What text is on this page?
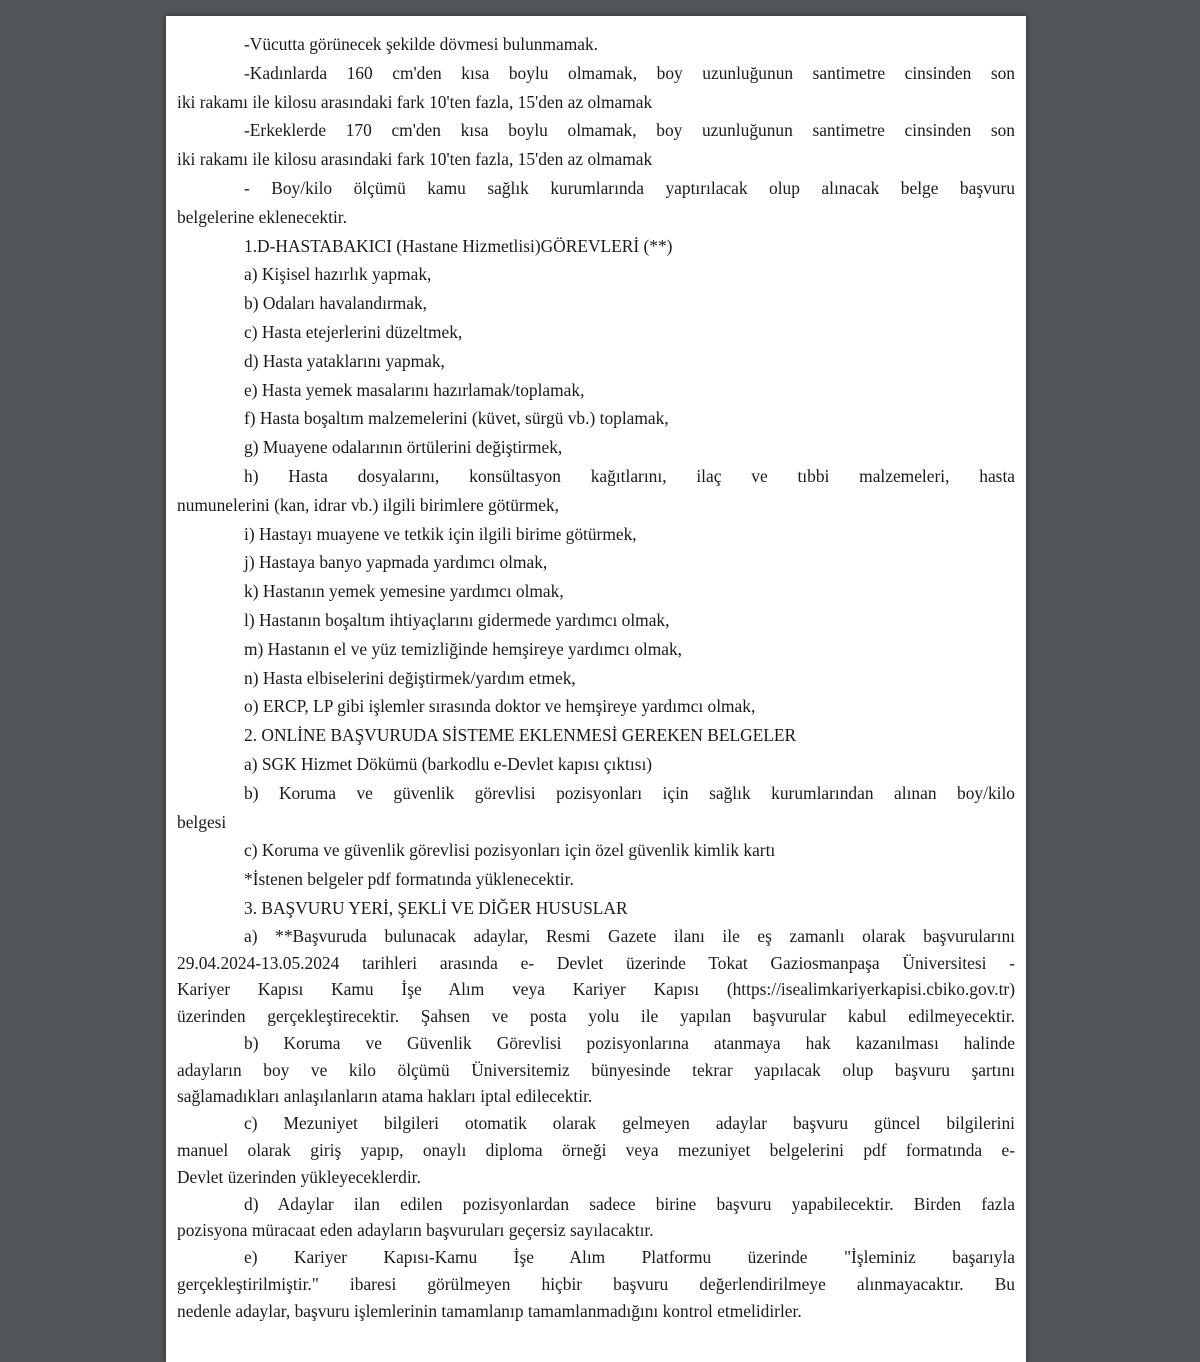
-Vücutta görünecek şekilde dövmesi bulunmamak.
-Kadınlarda 160 cm'den kısa boylu olmamak, boy uzunluğunun santimetre cinsinden son
iki rakamı ile kilosu arasındaki fark 10'ten fazla, 15'den az olmamak
-Erkeklerde 170 cm'den kısa boylu olmamak, boy uzunluğunun santimetre cinsinden son
iki rakamı ile kilosu arasındaki fark 10'ten fazla, 15'den az olmamak
- Boy/kilo ölçümü kamu sağlık kurumlarında yaptırılacak olup alınacak belge başvuru
belgelerine eklenecektir.
1.D-HASTABAKICI (Hastane Hizmetlisi)GÖREVLERİ (**)
a) Kişisel hazırlık yapmak,
b) Odaları havalandırmak,
c) Hasta etejerlerini düzeltmek,
d) Hasta yataklarını yapmak,
e) Hasta yemek masalarını hazırlamak/toplamak,
f) Hasta boşaltım malzemelerini (küvet, sürgü vb.) toplamak,
g) Muayene odalarının örtülerini değiştirmek,
h) Hasta dosyalarını, konsültasyon kağıtlarını, ilaç ve tıbbi malzemeleri, hasta
numunelerini (kan, idrar vb.) ilgili birimlere götürmek,
i) Hastayı muayene ve tetkik için ilgili birime götürmek,
j) Hastaya banyo yapmada yardımcı olmak,
k) Hastanın yemek yemesine yardımcı olmak,
l) Hastanın boşaltım ihtiyaçlarını gidermede yardımcı olmak,
m) Hastanın el ve yüz temizliğinde hemşireye yardımcı olmak,
n) Hasta elbiselerini değiştirmek/yardım etmek,
o) ERCP, LP gibi işlemler sırasında doktor ve hemşireye yardımcı olmak,
2. ONLİNE BAŞVURUDA SİSTEME EKLENMESİ GEREKEN BELGELER
a) SGK Hizmet Dökümü (barkodlu e-Devlet kapısı çıktısı)
b) Koruma ve güvenlik görevlisi pozisyonları için sağlık kurumlarından alınan boy/kilo
belgesi
c) Koruma ve güvenlik görevlisi pozisyonları için özel güvenlik kimlik kartı
*İstenen belgeler pdf formatında yüklenecektir.
3. BAŞVURU YERİ, ŞEKLİ VE DİĞER HUSUSLAR
a) **Başvuruda bulunacak adaylar, Resmi Gazete ilanı ile eş zamanlı olarak başvurularını
29.04.2024-13.05.2024 tarihleri arasında e- Devlet üzerinde Tokat Gaziosmanpaşa Üniversitesi -
Kariyer Kapısı Kamu İşe Alım veya Kariyer Kapısı (https://isealimkariyerkapisi.cbiko.gov.tr)
üzerinden gerçekleştirecektir. Şahsen ve posta yolu ile yapılan başvurular kabul edilmeyecektir.
b) Koruma ve Güvenlik Görevlisi pozisyonlarına atanmaya hak kazanılması halinde
adayların boy ve kilo ölçümü Üniversitemiz bünyesinde tekrar yapılacak olup başvuru şartını
sağlamadıkları anlaşılanların atama hakları iptal edilecektir.
c) Mezuniyet bilgileri otomatik olarak gelmeyen adaylar başvuru güncel bilgilerini
manuel olarak giriş yapıp, onaylı diploma örneği veya mezuniyet belgelerini pdf formatında e-
Devlet üzerinden yükleyeceklerdir.
d) Adaylar ilan edilen pozisyonlardan sadece birine başvuru yapabilecektir. Birden fazla
pozisyona müracaat eden adayların başvuruları geçersiz sayılacaktır.
e) Kariyer Kapısı-Kamu İşe Alım Platformu üzerinde "İşleminiz başarıyla
gerçekleştirilmiştir." ibaresi görülmeyen hiçbir başvuru değerlendirilmeye alınmayacaktır. Bu
nedenle adaylar, başvuru işlemlerinin tamamlanıp tamamlanmadığını kontrol etmelidirler.
